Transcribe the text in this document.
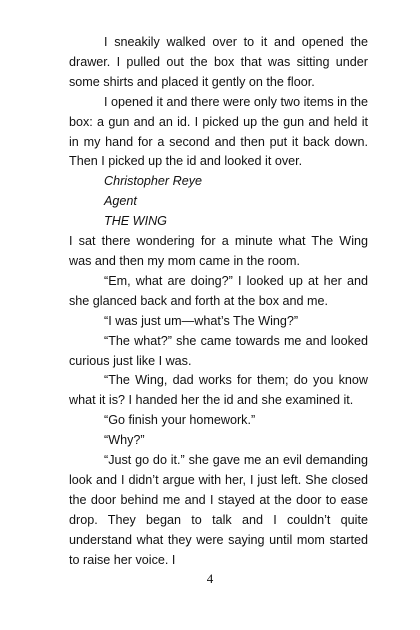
I sneakily walked over to it and opened the drawer. I pulled out the box that was sitting under some shirts and placed it gently on the floor.

I opened it and there were only two items in the box: a gun and an id. I picked up the gun and held it in my hand for a second and then put it back down. Then I picked up the id and looked it over.

Christopher Reye

Agent

THE WING

I sat there wondering for a minute what The Wing was and then my mom came in the room.

“Em, what are doing?” I looked up at her and she glanced back and forth at the box and me.

“I was just um—what’s The Wing?”

“The what?” she came towards me and looked curious just like I was.

“The Wing, dad works for them; do you know what it is? I handed her the id and she examined it.

“Go finish your homework.”

“Why?”

“Just go do it.” she gave me an evil demanding look and I didn’t argue with her, I just left. She closed the door behind me and I stayed at the door to ease drop. They began to talk and I couldn’t quite understand what they were saying until mom started to raise her voice. I

4
